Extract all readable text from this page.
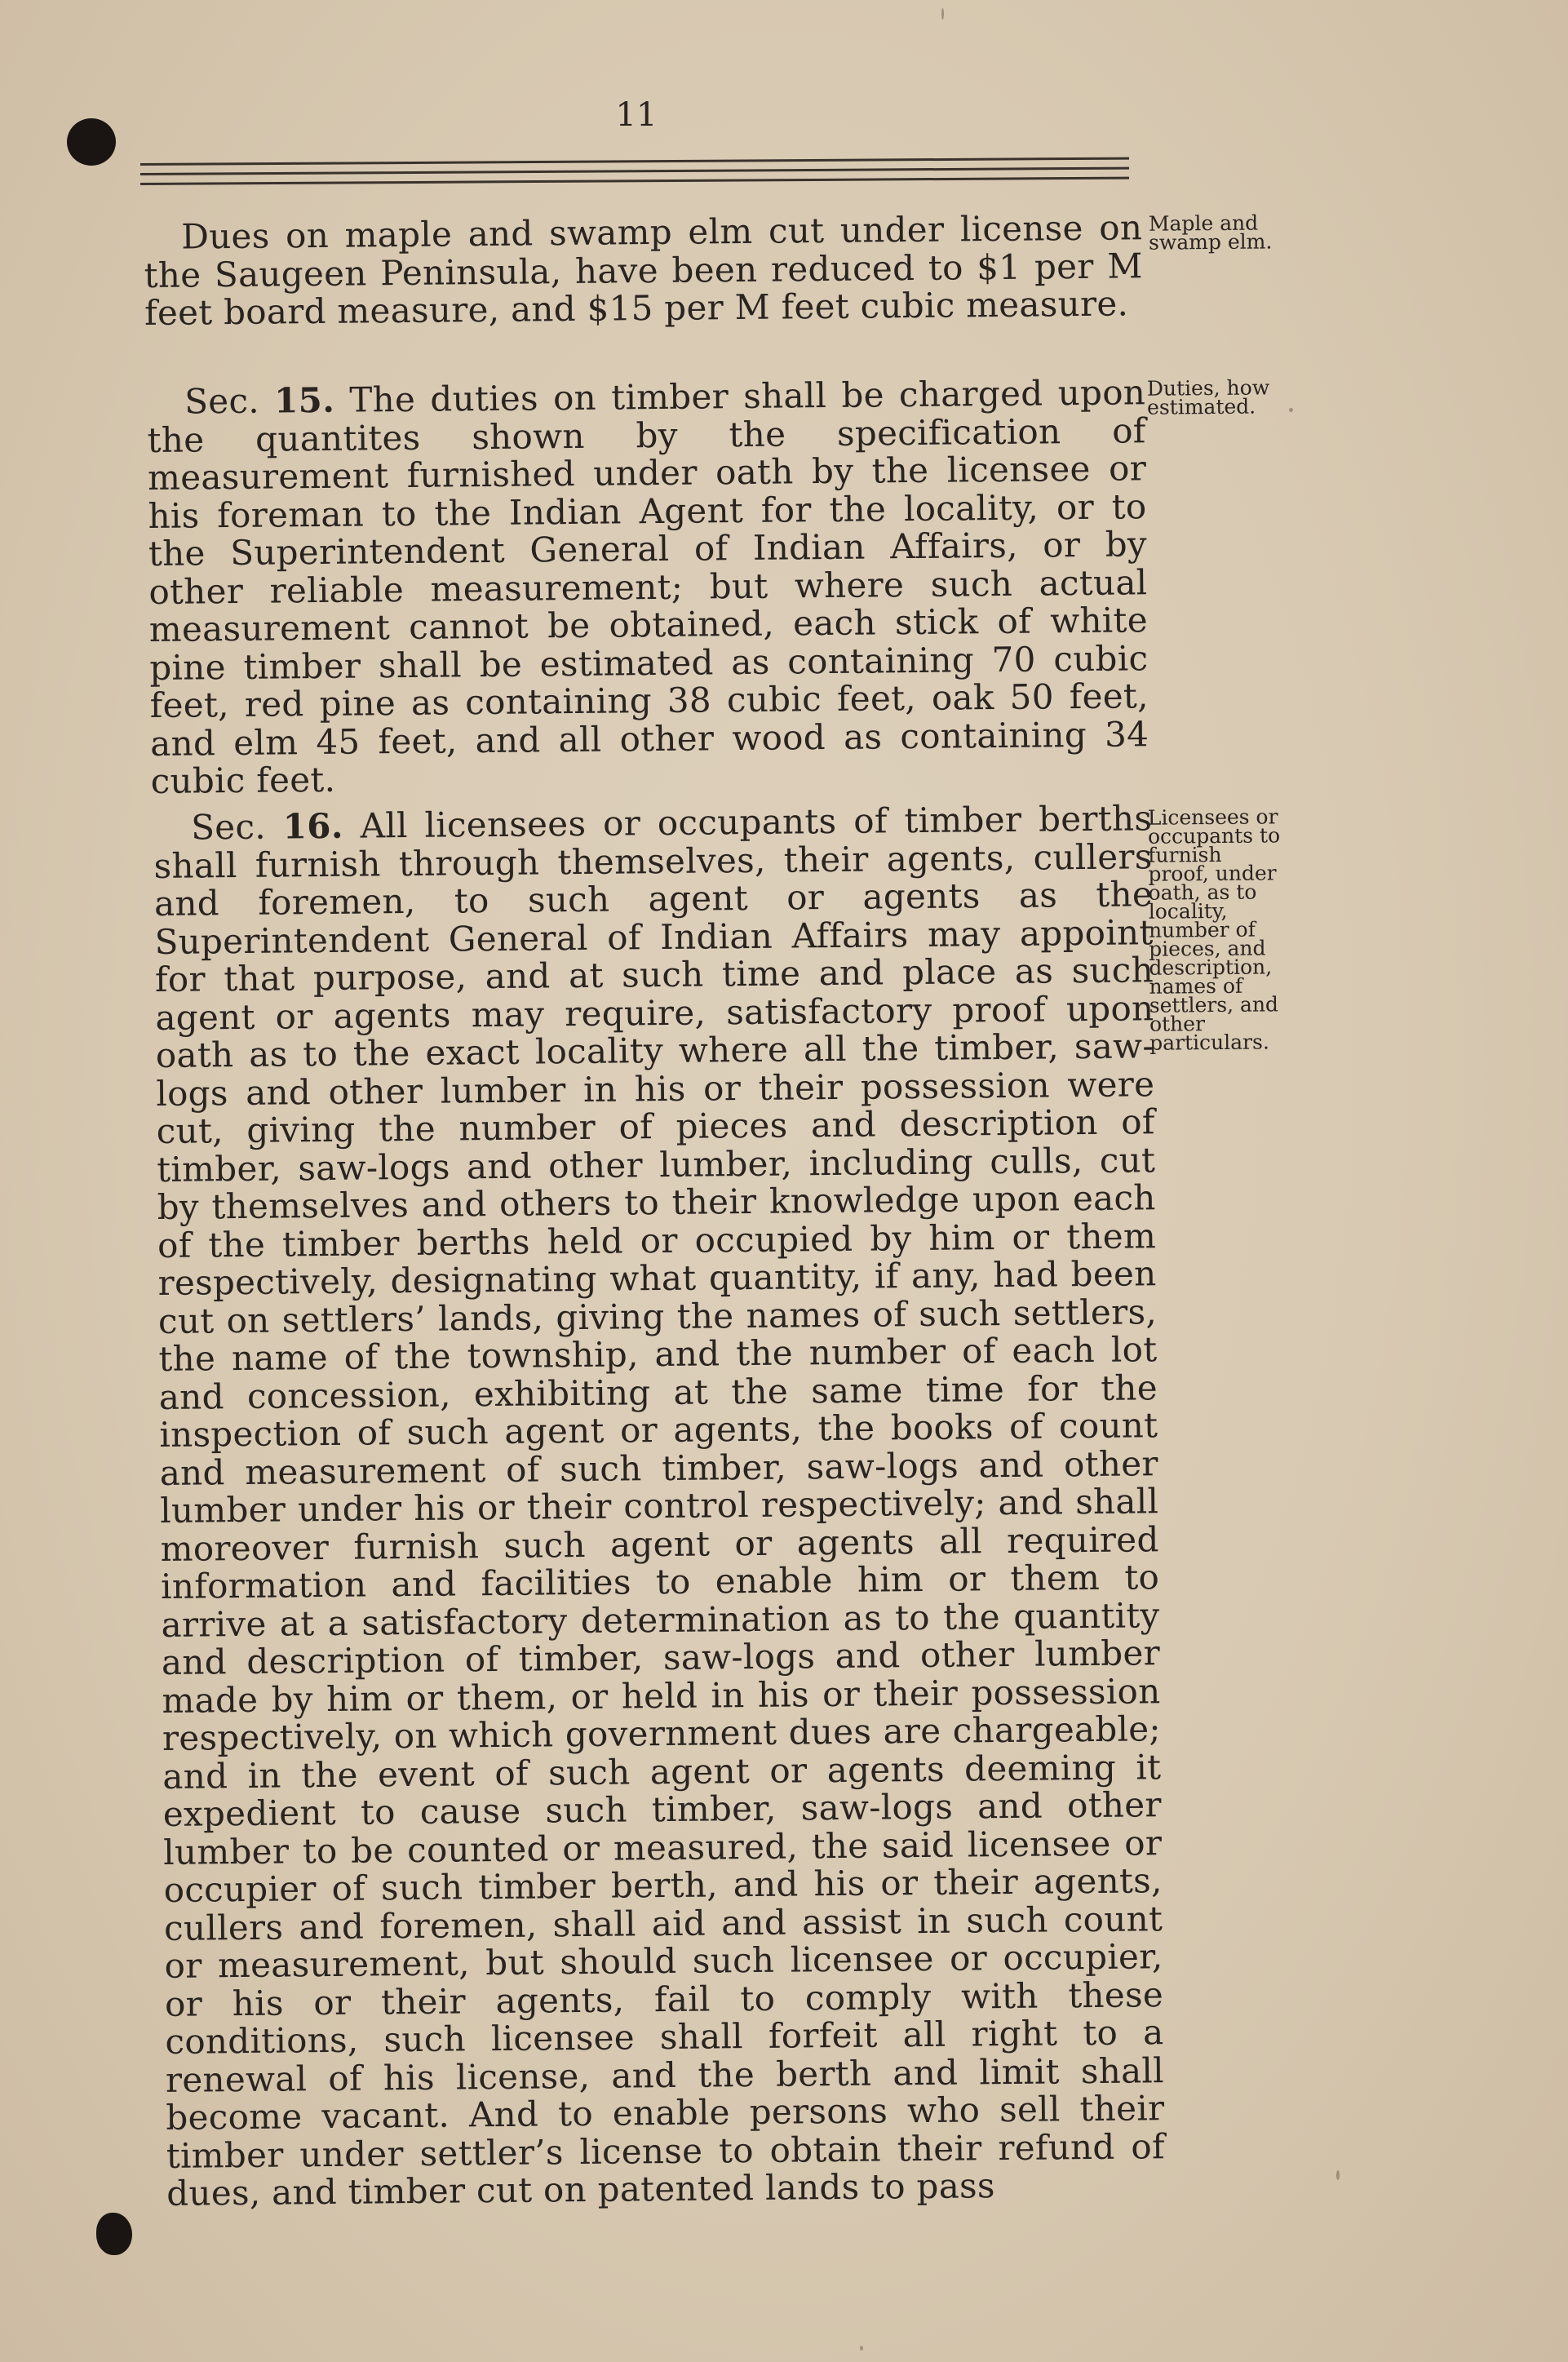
11

Dues on maple and swamp elm cut under license on the Saugeen Peninsula, have been reduced to $1 per M feet board measure, and $15 per M feet cubic measure.

Maple and swamp elm.

Sec. 15. The duties on timber shall be charged upon the quantites shown by the specification of measurement furnished under oath by the licensee or his foreman to the Indian Agent for the locality, or to the Superintendent General of Indian Affairs, or by other reliable measurement; but where such actual measurement cannot be obtained, each stick of white pine timber shall be estimated as containing 70 cubic feet, red pine as containing 38 cubic feet, oak 50 feet, and elm 45 feet, and all other wood as containing 34 cubic feet.

Duties, how estimated.

Sec. 16. All licensees or occupants of timber berths shall furnish through themselves, their agents, cullers and foremen, to such agent or agents as the Superintendent General of Indian Affairs may appoint for that purpose, and at such time and place as such agent or agents may require, satisfactory proof upon oath as to the exact locality where all the timber, saw-logs and other lumber in his or their possession were cut, giving the number of pieces and description of timber, saw-logs and other lumber, including culls, cut by themselves and others to their knowledge upon each of the timber berths held or occupied by him or them respectively, designating what quantity, if any, had been cut on settlers’ lands, giving the names of such settlers, the name of the township, and the number of each lot and concession, exhibiting at the same time for the inspection of such agent or agents, the books of count and measurement of such timber, saw-logs and other lumber under his or their control respectively; and shall moreover furnish such agent or agents all required information and facilities to enable him or them to arrive at a satisfactory determination as to the quantity and description of timber, saw-logs and other lumber made by him or them, or held in his or their possession respectively, on which government dues are chargeable; and in the event of such agent or agents deeming it expedient to cause such timber, saw-logs and other lumber to be counted or measured, the said licensee or occupier of such timber berth, and his or their agents, cullers and foremen, shall aid and assist in such count or measurement, but should such licensee or occupier, or his or their agents, fail to comply with these conditions, such licensee shall forfeit all right to a renewal of his license, and the berth and limit shall become vacant. And to enable persons who sell their timber under settler’s license to obtain their refund of dues, and timber cut on patented lands to pass

Licensees or occupants to furnish proof, under oath, as to locality, number of pieces, and description, names of settlers, and other particulars.
